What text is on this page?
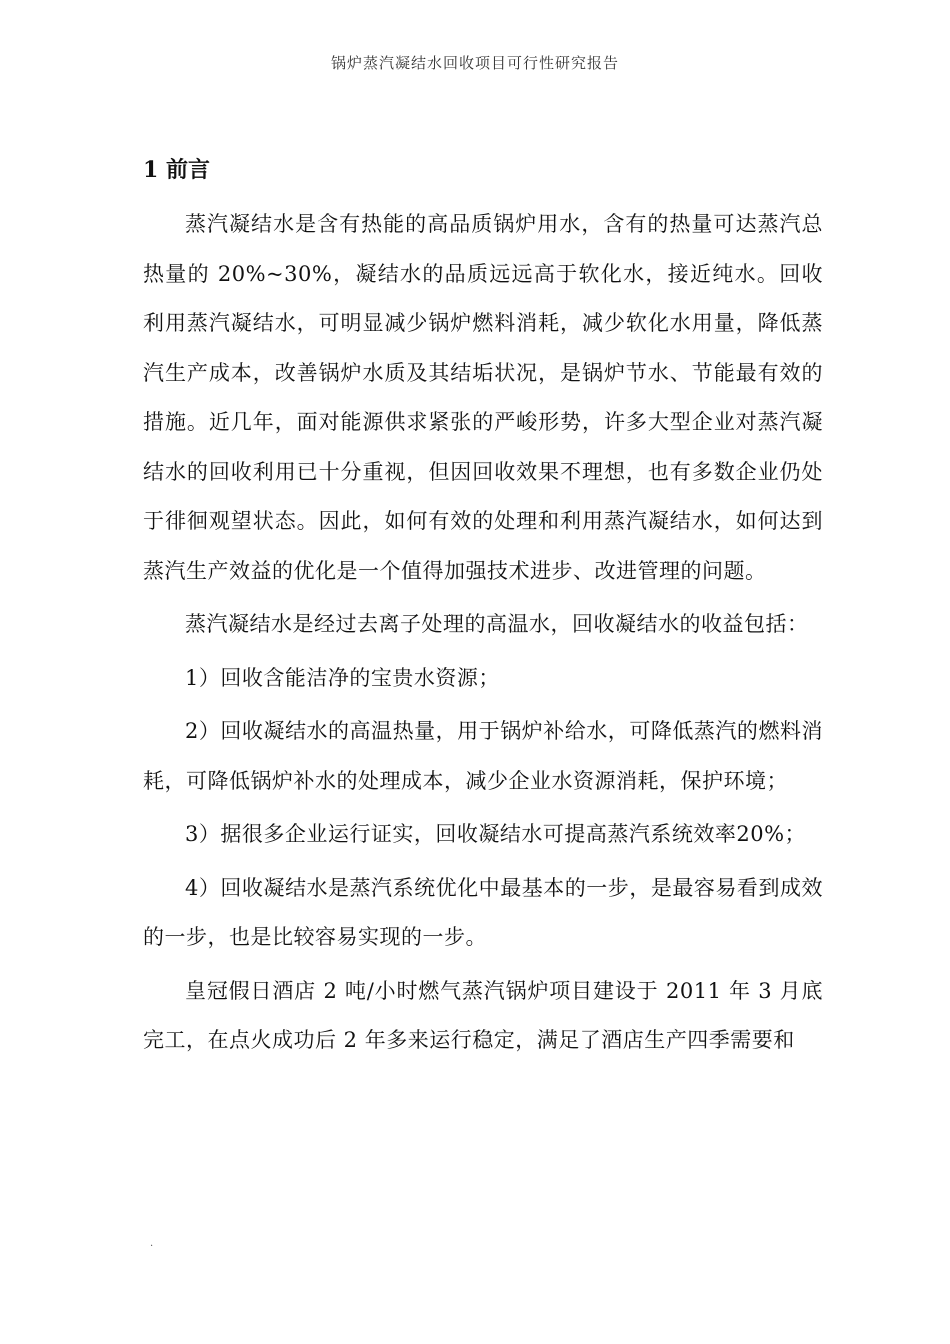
锅炉蒸汽凝结水回收项目可行性研究报告
1 前言

蒸汽凝结水是含有热能的高品质锅炉用水，含有的热量可达蒸汽总热量的 20%~30%，凝结水的品质远远高于软化水，接近纯水。回收利用蒸汽凝结水，可明显减少锅炉燃料消耗，减少软化水用量，降低蒸汽生产成本，改善锅炉水质及其结垢状况，是锅炉节水、节能最有效的措施。近几年，面对能源供求紧张的严峻形势，许多大型企业对蒸汽凝结水的回收利用已十分重视，但因回收效果不理想，也有多数企业仍处于徘徊观望状态。因此，如何有效的处理和利用蒸汽凝结水，如何达到蒸汽生产效益的优化是一个值得加强技术进步、改进管理的问题。

蒸汽凝结水是经过去离子处理的高温水，回收凝结水的收益包括：

1）回收含能洁净的宝贵水资源；

2）回收凝结水的高温热量，用于锅炉补给水，可降低蒸汽的燃料消耗，可降低锅炉补水的处理成本，减少企业水资源消耗，保护环境；

3）据很多企业运行证实，回收凝结水可提高蒸汽系统效率20%；

4）回收凝结水是蒸汽系统优化中最基本的一步，是最容易看到成效的一步，也是比较容易实现的一步。

皇冠假日酒店 2 吨/小时燃气蒸汽锅炉项目建设于 2011 年 3 月底完工，在点火成功后 2 年多来运行稳定，满足了酒店生产四季需要和

.
